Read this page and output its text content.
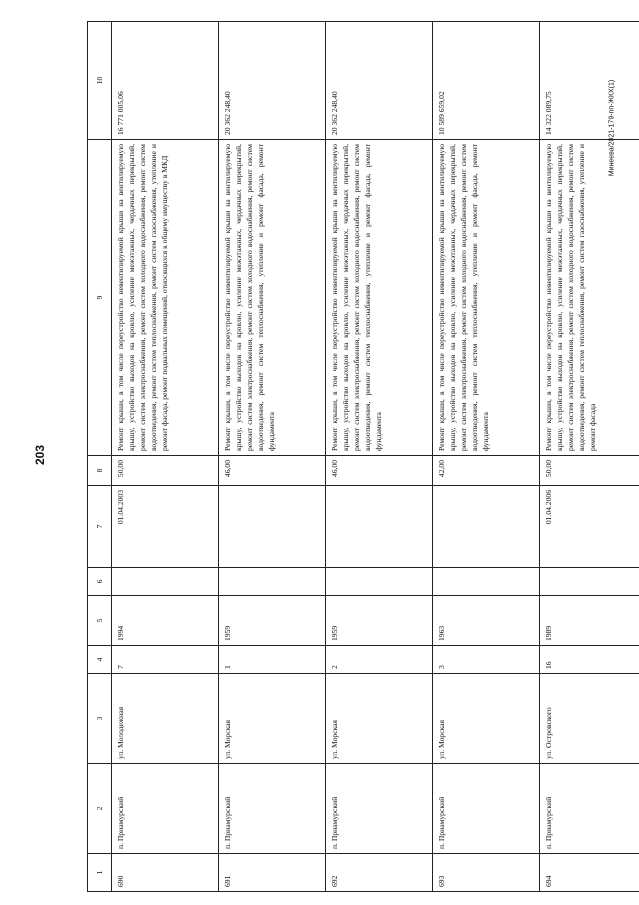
203
Минеева/2021-179-пп-ЖКХ(1)
1	2	3	4	5	6	7	8	9	10
690	п. Приамурский	ул. Молодежная	7	1994		01.04.2003	50,00	Ремонт крыши, в том числе переустройство невентилируемой крыши на вентилируемую крышу, устройство выходов на кровлю, усиление межэтажных, чердачных перекрытий, ремонт систем электроснабжения, ремонт систем холодного водоснабжения, ремонт систем водоотведения, ремонт систем теплоснабжения, ремонт систем газоснабжения, утепление и ремонт фасада, ремонт подвальных помещений, относящихся к общему имуществу в МКД	16 771 005,06
691	п. Приамурский	ул. Морская	1	1959			46,00	Ремонт крыши, в том числе переустройство невентилируемой крыши на вентилируемую крышу, устройство выходов на кровлю, усиление межэтажных, чердачных перекрытий, ремонт систем электроснабжения, ремонт систем холодного водоснабжения, ремонт систем водоотведения, ремонт систем теплоснабжения, утепление и ремонт фасада, ремонт фундамента	20 362 248,40
692	п. Приамурский	ул. Морская	2	1959			46,00	Ремонт крыши, в том числе переустройство невентилируемой крыши на вентилируемую крышу, устройство выходов на кровлю, усиление межэтажных, чердачных перекрытий, ремонт систем электроснабжения, ремонт систем холодного водоснабжения, ремонт систем водоотведения, ремонт систем теплоснабжения, утепление и ремонт фасада, ремонт фундамента	20 362 248,40
693	п. Приамурский	ул. Морская	3	1963			42,00	Ремонт крыши, в том числе переустройство невентилируемой крыши на вентилируемую крышу, устройство выходов на кровлю, усиление межэтажных, чердачных перекрытий, ремонт систем электроснабжения, ремонт систем холодного водоснабжения, ремонт систем водоотведения, ремонт систем теплоснабжения, утепление и ремонт фасада, ремонт фундамента	10 589 659,02
694	п. Приамурский	ул. Островского	16	1989		01.04.2006	50,00	Ремонт крыши, в том числе переустройство невентилируемой крыши на вентилируемую крышу, устройство выходов на кровлю, усиление межэтажных, чердачных перекрытий, ремонт систем электроснабжения, ремонт систем холодного водоснабжения, ремонт систем водоотведения, ремонт систем теплоснабжения, ремонт систем газоснабжения, утепление и ремонт фасада	14 322 089,75
